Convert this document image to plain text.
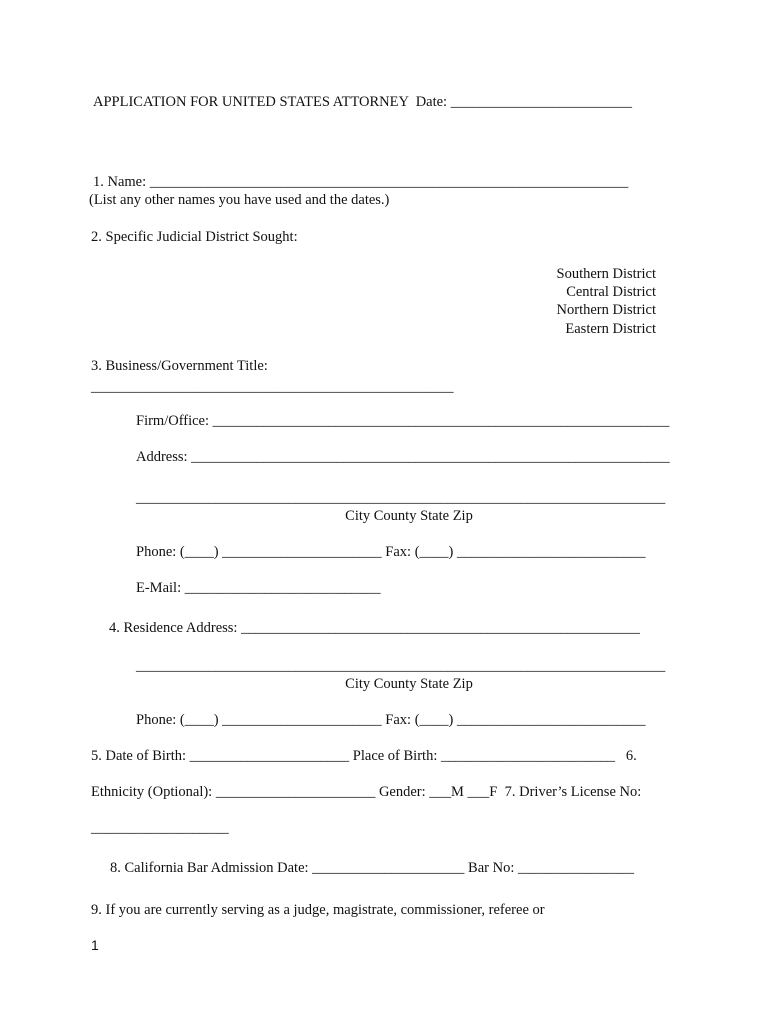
APPLICATION FOR UNITED STATES ATTORNEY  Date: _________________________
1. Name: __________________________________________________________________
(List any other names you have used and the dates.)
2. Specific Judicial District Sought:
Southern District
Central District
Northern District
Eastern District
3. Business/Government Title:
__________________________________________________
Firm/Office: _______________________________________________________________
Address: __________________________________________________________________
_________________________________________________________________________
City County State Zip
Phone: (____) ______________________ Fax: (____) __________________________
E-Mail: ___________________________
4. Residence Address: _______________________________________________________
_________________________________________________________________________
City County State Zip
Phone: (____) ______________________ Fax: (____) __________________________
5. Date of Birth: ______________________ Place of Birth: ________________________   6.
Ethnicity (Optional): ______________________ Gender: ___M ___F  7. Driver’s License No:
___________________
8. California Bar Admission Date: _____________________ Bar No: ________________
9. If you are currently serving as a judge, magistrate, commissioner, referee or
1
